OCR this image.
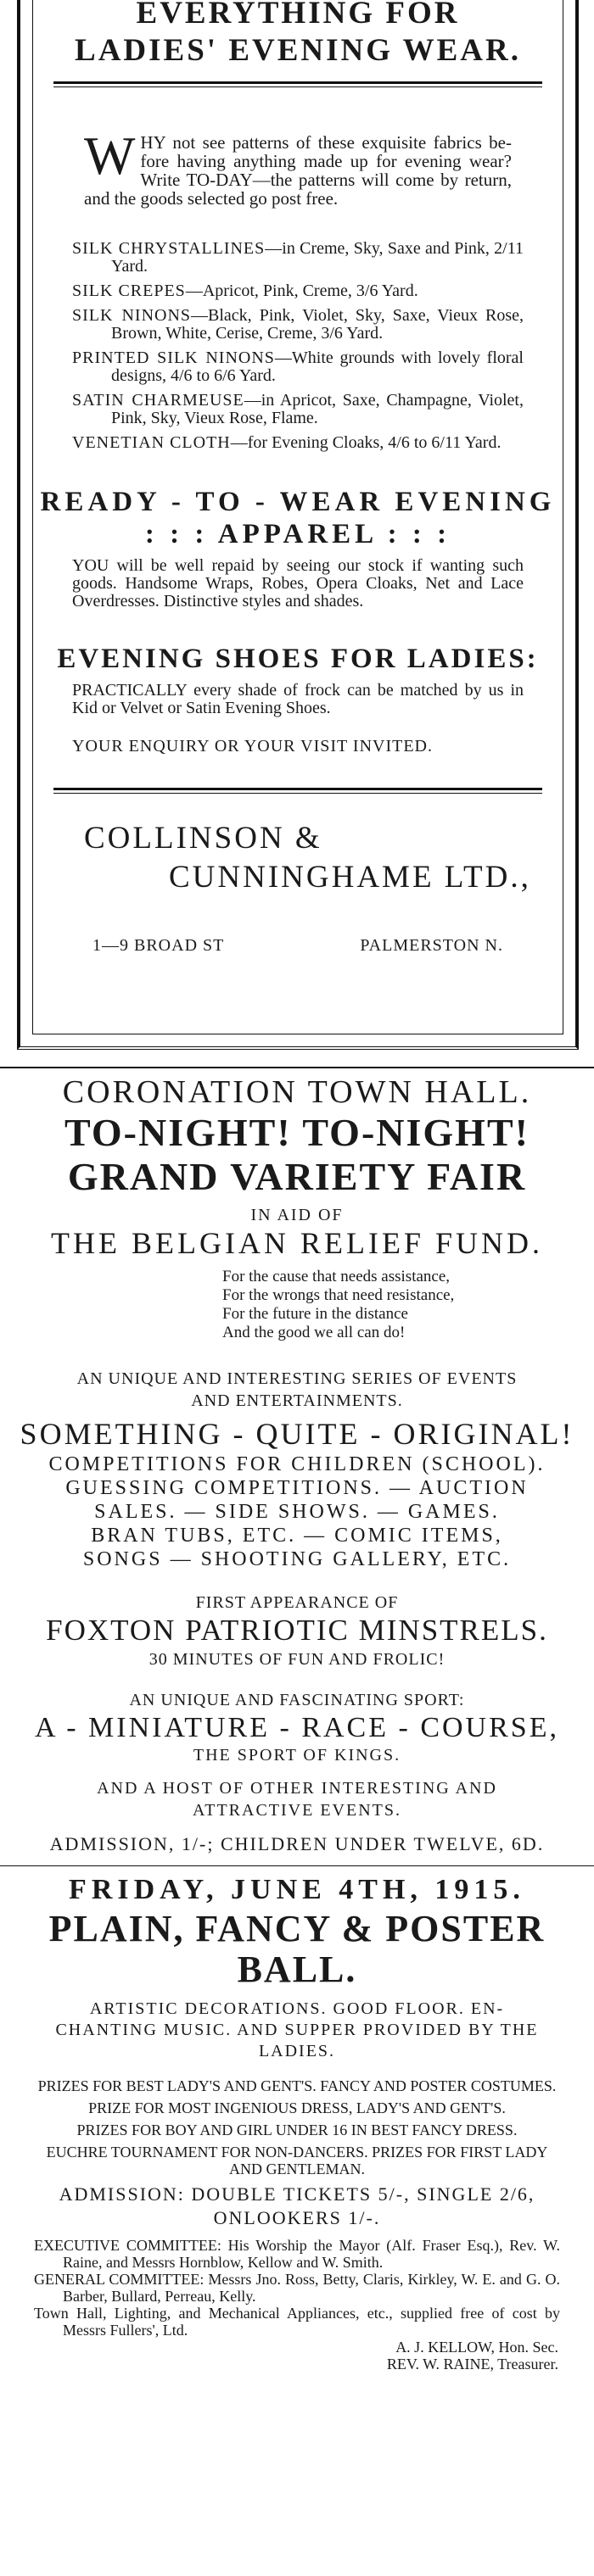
EVERYTHING FOR
LADIES' EVENING WEAR.
W HY not see patterns of these exquisite fabrics be-fore having anything made up for evening wear? Write TO-DAY—the patterns will come by return, and the goods selected go post free.

SILK CHRYSTALLINES—in Creme, Sky, Saxe and Pink, 2/11 Yard.

SILK CREPES—Apricot, Pink, Creme, 3/6 Yard.

SILK NINONS—Black, Pink, Violet, Sky, Saxe, Vieux Rose, Brown, White, Cerise, Creme, 3/6 Yard.

PRINTED SILK NINONS—White grounds with lovely floral designs, 4/6 to 6/6 Yard.

SATIN CHARMEUSE—in Apricot, Saxe, Champagne, Violet, Pink, Sky, Vieux Rose, Flame.

VENETIAN CLOTH—for Evening Cloaks, 4/6 to 6/11 Yard.

READY - TO - WEAR EVENING
: : : APPAREL : : :

YOU will be well repaid by seeing our stock if wanting such goods. Handsome Wraps, Robes, Opera Cloaks, Net and Lace Overdresses. Distinctive styles and shades.

EVENING SHOES FOR LADIES:

PRACTICALLY every shade of frock can be matched by us in Kid or Velvet or Satin Evening Shoes.

YOUR ENQUIRY OR YOUR VISIT INVITED.

COLLINSON &
CUNNINGHAME LTD.,
1—9 BROAD ST	PALMERSTON N.
CORONATION TOWN HALL.
TO-NIGHT! TO-NIGHT!
GRAND VARIETY FAIR
IN AID OF
THE BELGIAN RELIEF FUND.
For the cause that needs assistance,
For the wrongs that need resistance,
For the future in the distance
And the good we all can do!
AN UNIQUE AND INTERESTING SERIES OF EVENTS
AND ENTERTAINMENTS.
SOMETHING - QUITE - ORIGINAL!
COMPETITIONS FOR CHILDREN (SCHOOL).
GUESSING COMPETITIONS. — AUCTION
SALES. — SIDE SHOWS. — GAMES.
BRAN TUBS, ETC. — COMIC ITEMS,
SONGS — SHOOTING GALLERY, ETC.
FIRST APPEARANCE OF
FOXTON PATRIOTIC MINSTRELS.
30 MINUTES OF FUN AND FROLIC!
AN UNIQUE AND FASCINATING SPORT:
A - MINIATURE - RACE - COURSE,
THE SPORT OF KINGS.
AND A HOST OF OTHER INTERESTING AND
ATTRACTIVE EVENTS.
ADMISSION, 1/-; CHILDREN UNDER TWELVE, 6D.
FRIDAY, JUNE 4TH, 1915.
PLAIN, FANCY & POSTER
BALL.

ARTISTIC DECORATIONS. GOOD FLOOR. EN-CHANTING MUSIC. AND SUPPER PROVIDED BY THE LADIES.

PRIZES FOR BEST LADY'S AND GENT'S. FANCY AND POSTER COSTUMES.
PRIZE FOR MOST INGENIOUS DRESS, LADY'S AND GENT'S.
PRIZES FOR BOY AND GIRL UNDER 16 IN BEST FANCY DRESS.
EUCHRE TOURNAMENT FOR NON-DANCERS. PRIZES FOR FIRST LADY AND GENTLEMAN.

ADMISSION: DOUBLE TICKETS 5/-, SINGLE 2/6, ONLOOKERS 1/-.

EXECUTIVE COMMITTEE: His Worship the Mayor (Alf. Fraser Esq.), Rev. W. Raine, and Messrs Hornblow, Kellow and W. Smith.

GENERAL COMMITTEE: Messrs Jno. Ross, Betty, Claris, Kirkley, W. E. and G. O. Barber, Bullard, Perreau, Kelly.

Town Hall, Lighting, and Mechanical Appliances, etc., supplied free of cost by Messrs Fullers', Ltd.

A. J. KELLOW, Hon. Sec.
REV. W. RAINE, Treasurer.
